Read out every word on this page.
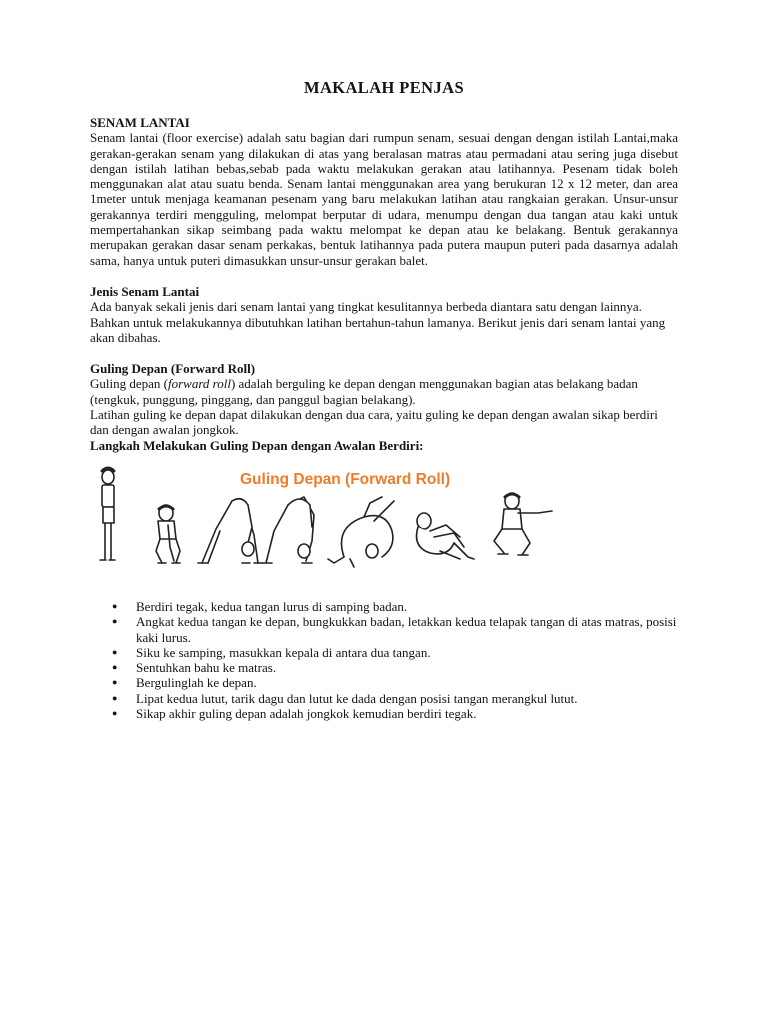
MAKALAH PENJAS
SENAM LANTAI

Senam lantai (floor exercise) adalah satu bagian dari rumpun senam, sesuai dengan dengan istilah Lantai,maka gerakan-gerakan senam yang dilakukan di atas yang beralasan matras atau permadani atau sering juga disebut dengan istilah latihan bebas,sebab pada waktu melakukan gerakan atau latihannya. Pesenam tidak boleh menggunakan alat atau suatu benda. Senam lantai menggunakan area yang berukuran 12 x 12 meter, dan area 1meter untuk menjaga keamanan pesenam yang baru melakukan latihan atau rangkaian gerakan. Unsur-unsur gerakannya terdiri mengguling, melompat berputar di udara, menumpu dengan dua tangan atau kaki untuk mempertahankan sikap seimbang pada waktu melompat ke depan atau ke belakang. Bentuk gerakannya merupakan gerakan dasar senam perkakas, bentuk latihannya pada putera maupun puteri pada dasarnya adalah sama, hanya untuk puteri dimasukkan unsur-unsur gerakan balet.

Jenis Senam Lantai

Ada banyak sekali jenis dari senam lantai yang tingkat kesulitannya berbeda diantara satu dengan lainnya. Bahkan untuk melakukannya dibutuhkan latihan bertahun-tahun lamanya. Berikut jenis dari senam lantai yang akan dibahas.

Guling Depan (Forward Roll)

Guling depan (forward roll) adalah berguling ke depan dengan menggunakan bagian atas belakang badan (tengkuk, punggung, pinggang, dan panggul bagian belakang).

Latihan guling ke depan dapat dilakukan dengan dua cara, yaitu guling ke depan dengan awalan sikap berdiri dan dengan awalan jongkok.

Langkah Melakukan Guling Depan dengan Awalan Berdiri:
Guling Depan (Forward Roll)
● Berdiri tegak, kedua tangan lurus di samping badan.
● Angkat kedua tangan ke depan, bungkukkan badan, letakkan kedua telapak tangan di atas matras, posisi kaki lurus.
● Siku ke samping, masukkan kepala di antara dua tangan.
● Sentuhkan bahu ke matras.
● Bergulinglah ke depan.
● Lipat kedua lutut, tarik dagu dan lutut ke dada dengan posisi tangan merangkul lutut.
● Sikap akhir guling depan adalah jongkok kemudian berdiri tegak.
